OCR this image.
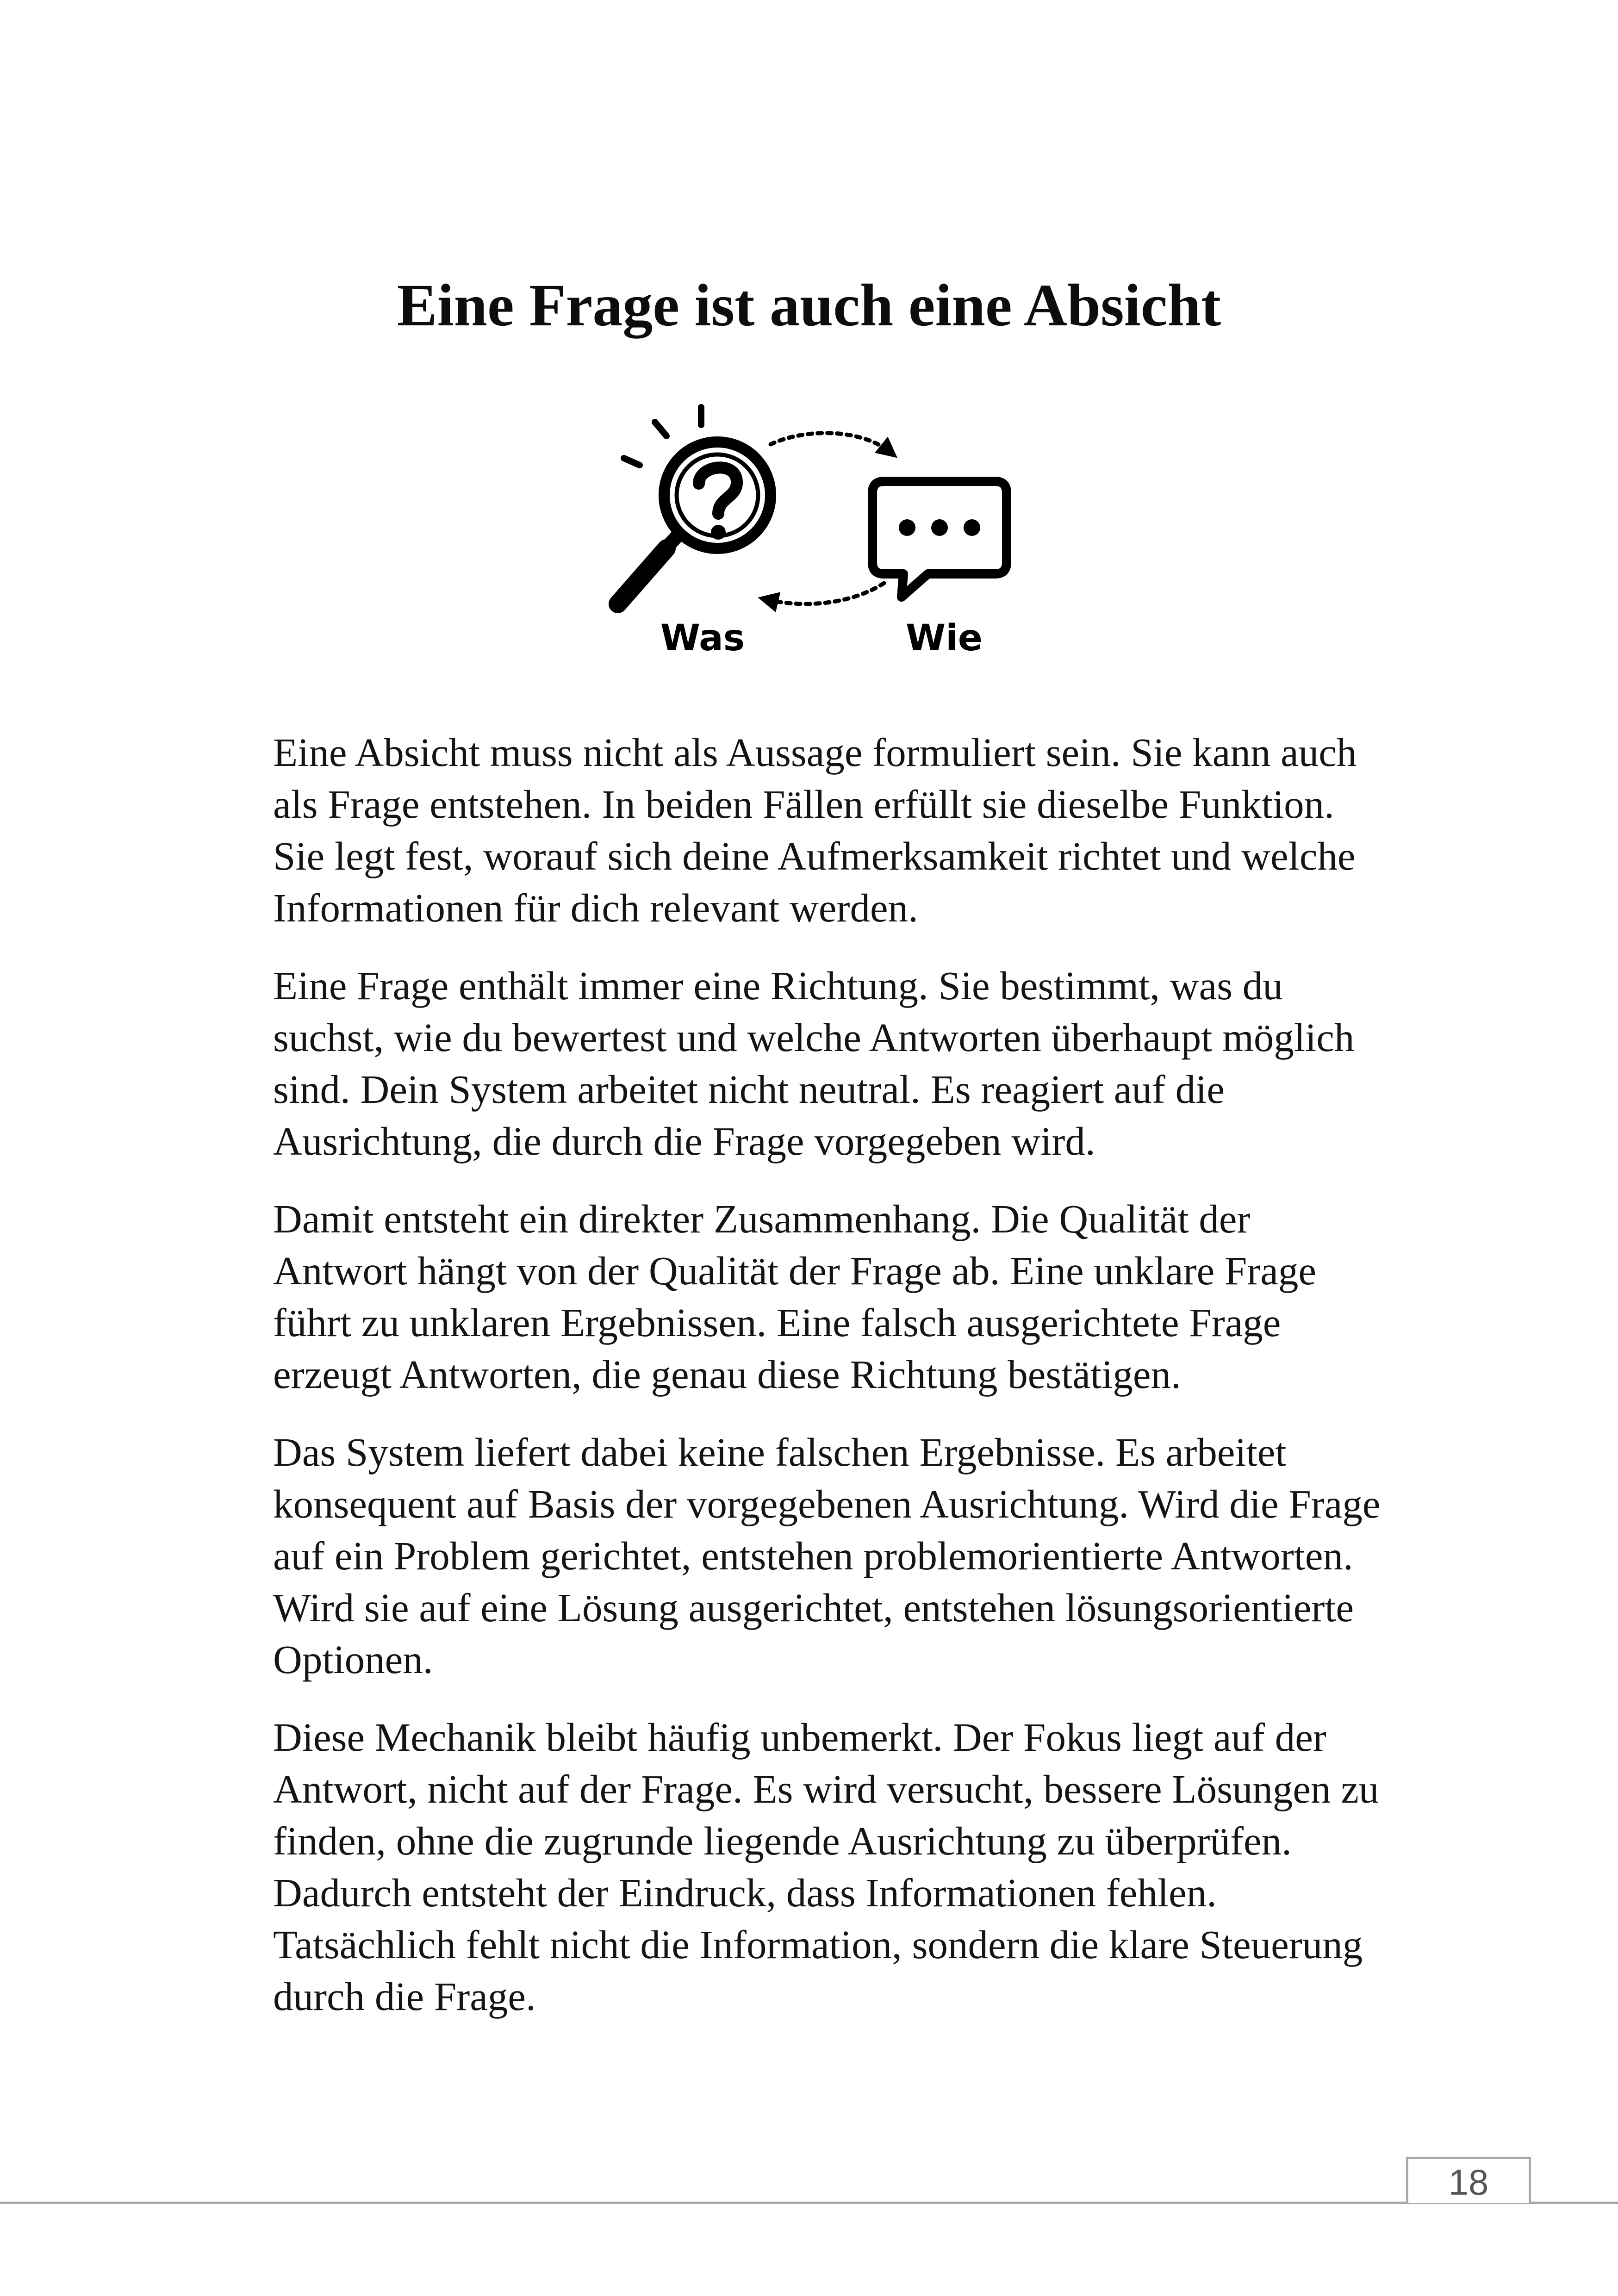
Eine Frage ist auch eine Absicht
Was	Wie

Eine Absicht muss nicht als Aussage formuliert sein. Sie kann auch als Frage entstehen. In beiden Fällen erfüllt sie dieselbe Funktion. Sie legt fest, worauf sich deine Aufmerksamkeit richtet und welche Informationen für dich relevant werden.

Eine Frage enthält immer eine Richtung. Sie bestimmt, was du suchst, wie du bewertest und welche Antworten überhaupt möglich sind. Dein System arbeitet nicht neutral. Es reagiert auf die Ausrichtung, die durch die Frage vorgegeben wird.

Damit entsteht ein direkter Zusammenhang. Die Qualität der Antwort hängt von der Qualität der Frage ab. Eine unklare Frage führt zu unklaren Ergebnissen. Eine falsch ausgerichtete Frage erzeugt Antworten, die genau diese Richtung bestätigen.

Das System liefert dabei keine falschen Ergebnisse. Es arbeitet konsequent auf Basis der vorgegebenen Ausrichtung. Wird die Frage auf ein Problem gerichtet, entstehen problemorientierte Antworten. Wird sie auf eine Lösung ausgerichtet, entstehen lösungsorientierte Optionen.

Diese Mechanik bleibt häufig unbemerkt. Der Fokus liegt auf der Antwort, nicht auf der Frage. Es wird versucht, bessere Lösungen zu finden, ohne die zugrunde liegende Ausrichtung zu überprüfen. Dadurch entsteht der Eindruck, dass Informationen fehlen. Tatsächlich fehlt nicht die Information, sondern die klare Steuerung durch die Frage.

18
